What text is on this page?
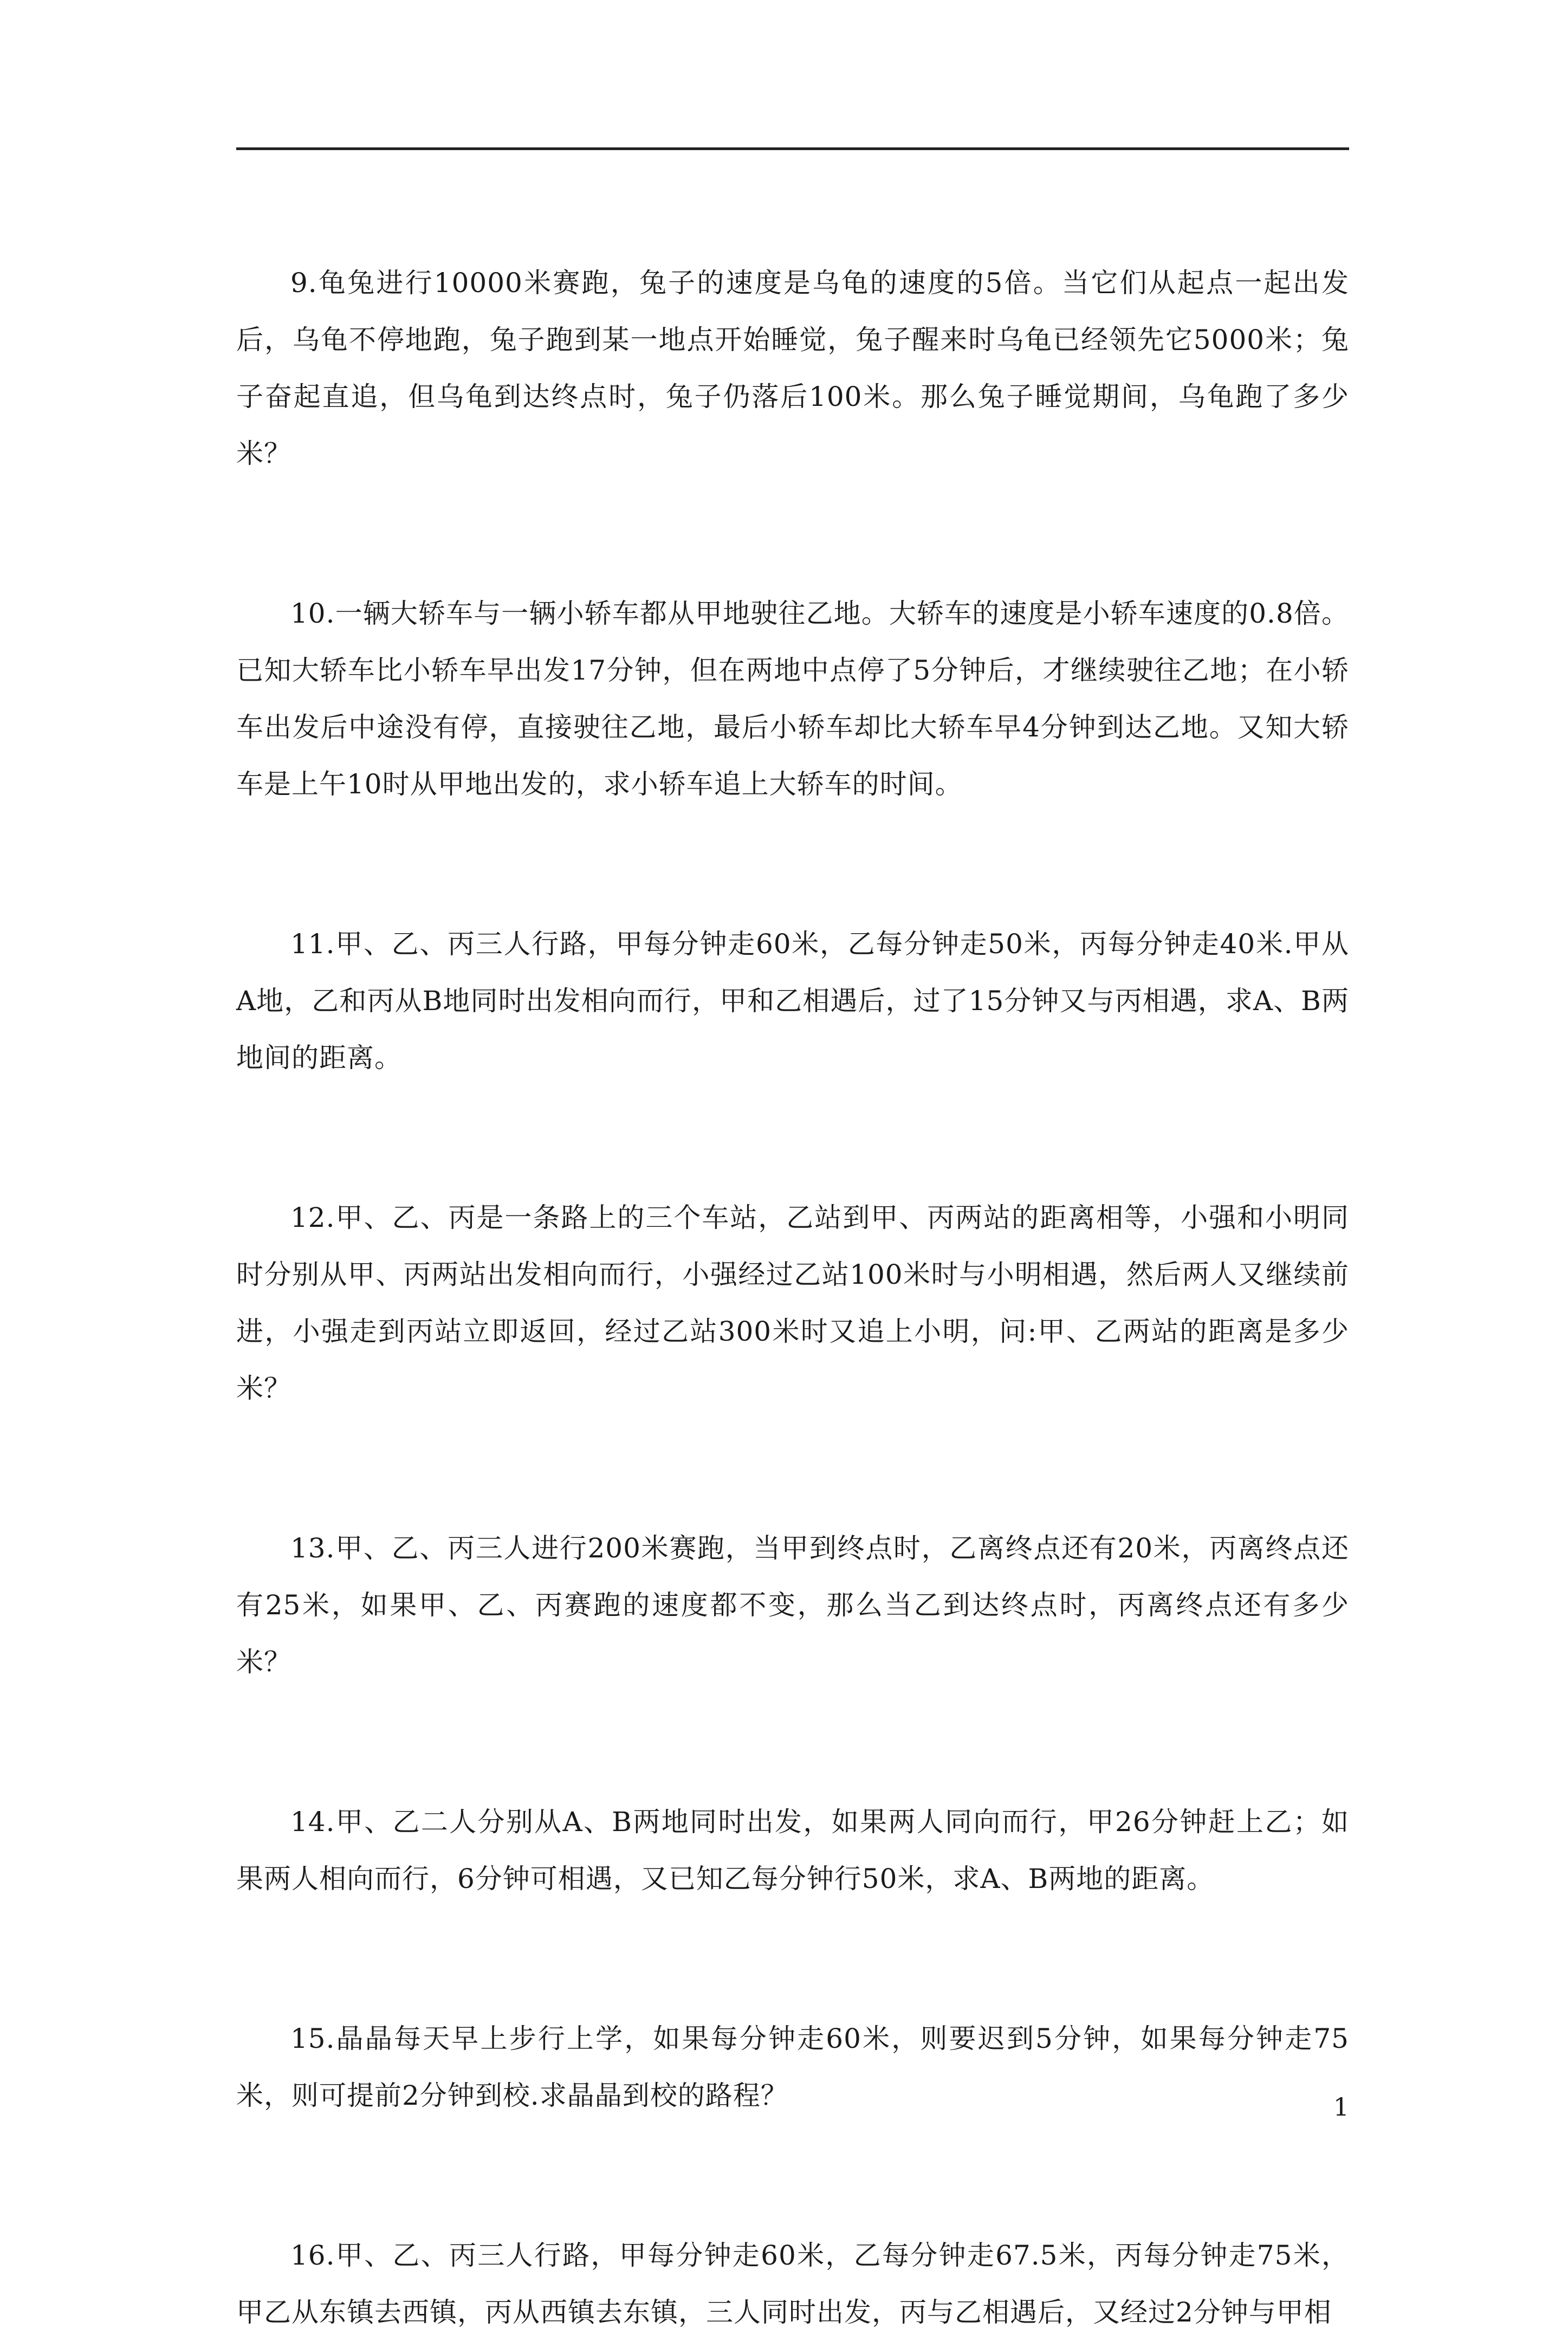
9.龟兔进行10000米赛跑，兔子的速度是乌龟的速度的5倍。当它们从起点一起出发后，乌龟不停地跑，兔子跑到某一地点开始睡觉，兔子醒来时乌龟已经领先它5000米；兔子奋起直追，但乌龟到达终点时，兔子仍落后100米。那么兔子睡觉期间，乌龟跑了多少米？

10.一辆大轿车与一辆小轿车都从甲地驶往乙地。大轿车的速度是小轿车速度的0.8倍。已知大轿车比小轿车早出发17分钟，但在两地中点停了5分钟后，才继续驶往乙地；在小轿车出发后中途没有停，直接驶往乙地，最后小轿车却比大轿车早4分钟到达乙地。又知大轿车是上午10时从甲地出发的，求小轿车追上大轿车的时间。

11.甲、乙、丙三人行路，甲每分钟走60米，乙每分钟走50米，丙每分钟走40米.甲从A地，乙和丙从B地同时出发相向而行，甲和乙相遇后，过了15分钟又与丙相遇，求A、B两地间的距离。

12.甲、乙、丙是一条路上的三个车站，乙站到甲、丙两站的距离相等，小强和小明同时分别从甲、丙两站出发相向而行，小强经过乙站100米时与小明相遇，然后两人又继续前进，小强走到丙站立即返回，经过乙站300米时又追上小明，问:甲、乙两站的距离是多少米？

13.甲、乙、丙三人进行200米赛跑，当甲到终点时，乙离终点还有20米，丙离终点还有25米，如果甲、乙、丙赛跑的速度都不变，那么当乙到达终点时，丙离终点还有多少米？

14.甲、乙二人分别从A、B两地同时出发，如果两人同向而行，甲26分钟赶上乙；如果两人相向而行，6分钟可相遇，又已知乙每分钟行50米，求A、B两地的距离。

15.晶晶每天早上步行上学，如果每分钟走60米，则要迟到5分钟，如果每分钟走75米，则可提前2分钟到校.求晶晶到校的路程？

16.甲、乙、丙三人行路，甲每分钟走60米，乙每分钟走67.5米，丙每分钟走75米，甲乙从东镇去西镇，丙从西镇去东镇，三人同时出发，丙与乙相遇后，又经过2分钟与甲相

1
